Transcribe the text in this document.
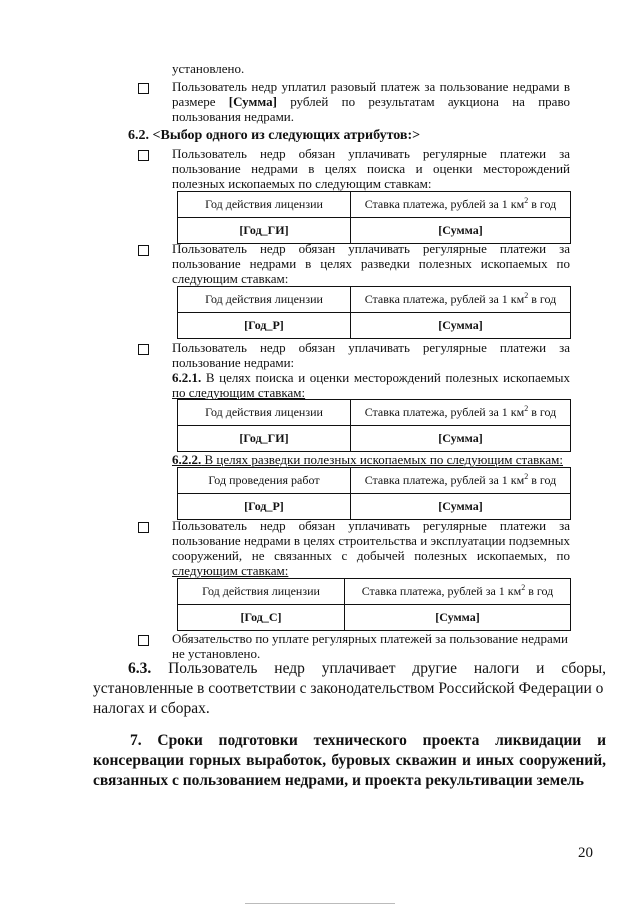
установлено.
Пользователь недр уплатил разовый платеж за пользование недрами в
размере [Сумма] рублей по результатам аукциона на право
пользования недрами.
6.2. <Выбор одного из следующих атрибутов:>
Пользователь недр обязан уплачивать регулярные платежи за
пользование недрами в целях поиска и оценки месторождений
полезных ископаемых по следующим ставкам:
Год действия лицензии	Ставка платежа, рублей за 1 $км^2$ в год
[Год_ГИ]	[Сумма]
Пользователь недр обязан уплачивать регулярные платежи за
пользование недрами в целях разведки полезных ископаемых по
следующим ставкам:
Год действия лицензии	Ставка платежа, рублей за 1 $км^2$ в год
[Год_Р]	[Сумма]
Пользователь недр обязан уплачивать регулярные платежи за
пользование недрами:
6.2.1. В целях поиска и оценки месторождений полезных ископаемых
по следующим ставкам:
Год действия лицензии	Ставка платежа, рублей за 1 $км^2$ в год
[Год_ГИ]	[Сумма]
6.2.2. В целях разведки полезных ископаемых по следующим ставкам:
Год проведения работ	Ставка платежа, рублей за 1 $км^2$ в год
[Год_Р]	[Сумма]
Пользователь недр обязан уплачивать регулярные платежи за
пользование недрами в целях строительства и эксплуатации подземных
сооружений, не связанных с добычей полезных ископаемых, по
следующим ставкам:
Год действия лицензии	Ставка платежа, рублей за 1 $км^2$ в год
[Год_С]	[Сумма]
Обязательство по уплате регулярных платежей за пользование недрами
не установлено.
6.3. Пользователь недр уплачивает другие налоги и сборы,
установленные в соответствии с законодательством Российской Федерации о
налогах и сборах.
7. Сроки подготовки технического проекта ликвидации и
консервации горных выработок, буровых скважин и иных сооружений,
связанных с пользованием недрами, и проекта рекультивации земель
20
